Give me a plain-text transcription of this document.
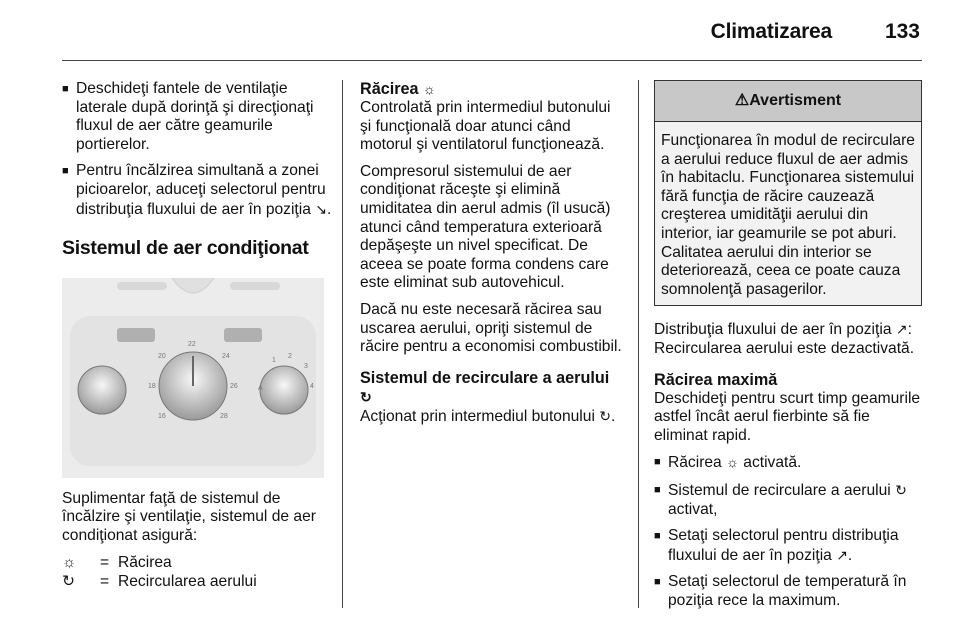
Climatizarea	133
■ Deschideţi fantele de ventilaţie laterale după dorinţă şi direcţionaţi fluxul de aer către geamurile portierelor.
■ Pentru încălzirea simultană a zonei picioarelor, aduceţi selectorul pentru distribuţia fluxului de aer în poziţia ↘.
Sistemul de aer condiţionat
20
22
24
18	26
16	28
1
2
3
4
A

Suplimentar faţă de sistemul de încălzire şi ventilaţie, sistemul de aer condiţionat asigură:

☼	= Răcirea
↻	= Recircularea aerului
Răcirea ☼

Controlată prin intermediul butonului şi funcţională doar atunci când motorul şi ventilatorul funcţionează.

Compresorul sistemului de aer condiţionat răceşte şi elimină umiditatea din aerul admis (îl usucă) atunci când temperatura exterioară depăşeşte un nivel specificat. De aceea se poate forma condens care este eliminat sub autovehicul.

Dacă nu este necesară răcirea sau uscarea aerului, opriţi sistemul de răcire pentru a economisi combustibil.

Sistemul de recirculare a aerului ↻

Acţionat prin intermediul butonului ↻.

⚠Avertisment
Funcţionarea în modul de recirculare a aerului reduce fluxul de aer admis în habitaclu. Funcţionarea sistemului fără funcţia de răcire cauzează creşterea umidităţii aerului din interior, iar geamurile se pot aburi. Calitatea aerului din interior se deteriorează, ceea ce poate cauza somnolenţă pasagerilor.

Distribuţia fluxului de aer în poziţia ↗: Recircularea aerului este dezactivată.

Răcirea maximă

Deschideţi pentru scurt timp geamurile astfel încât aerul fierbinte să fie eliminat rapid.

■ Răcirea ☼ activată.
■ Sistemul de recirculare a aerului ↻ activat,
■ Setaţi selectorul pentru distribuţia fluxului de aer în poziţia ↗.
■ Setaţi selectorul de temperatură în poziţia rece la maximum.
